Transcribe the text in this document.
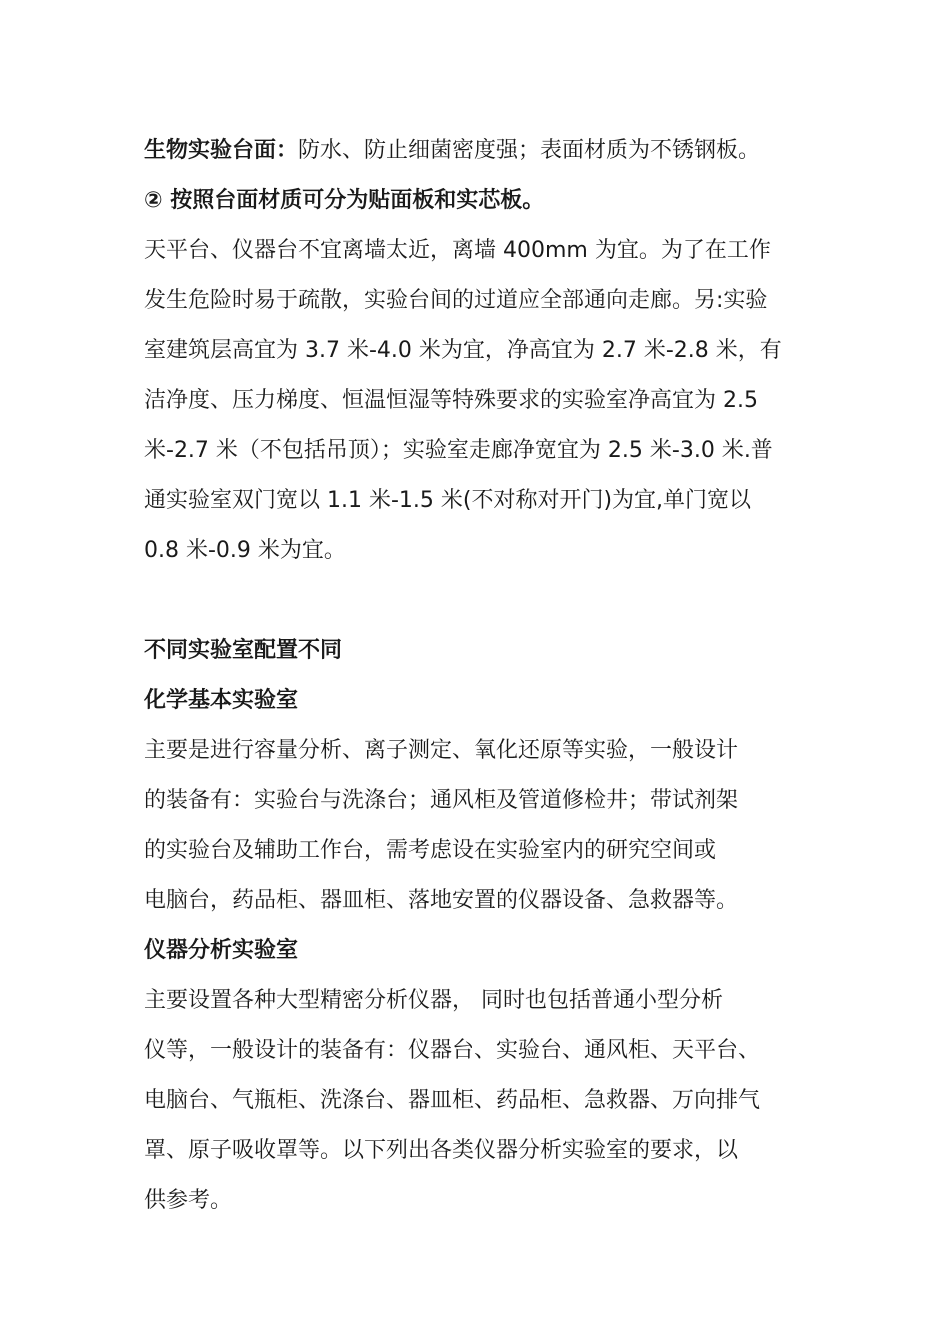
生物实验台面：防水、防止细菌密度强；表面材质为不锈钢板。
② 按照台面材质可分为贴面板和实芯板。
天平台、仪器台不宜离墙太近，离墙 400mm 为宜。为了在工作
发生危险时易于疏散，实验台间的过道应全部通向走廊。另:实验
室建筑层高宜为 3.7 米-4.0 米为宜，净高宜为 2.7 米-2.8 米，有
洁净度、压力梯度、恒温恒湿等特殊要求的实验室净高宜为 2.5
米-2.7 米（不包括吊顶）；实验室走廊净宽宜为 2.5 米-3.0 米.普
通实验室双门宽以 1.1 米-1.5 米(不对称对开门)为宜,单门宽以
0.8 米-0.9 米为宜。
不同实验室配置不同
化学基本实验室
主要是进行容量分析、离子测定、氧化还原等实验，一般设计
的装备有：实验台与洗涤台；通风柜及管道修检井；带试剂架
的实验台及辅助工作台，需考虑设在实验室内的研究空间或
电脑台，药品柜、器皿柜、落地安置的仪器设备、急救器等。
仪器分析实验室
主要设置各种大型精密分析仪器， 同时也包括普通小型分析
仪等，一般设计的装备有：仪器台、实验台、通风柜、天平台、
电脑台、气瓶柜、洗涤台、器皿柜、药品柜、急救器、万向排气
罩、原子吸收罩等。以下列出各类仪器分析实验室的要求，以
供参考。
